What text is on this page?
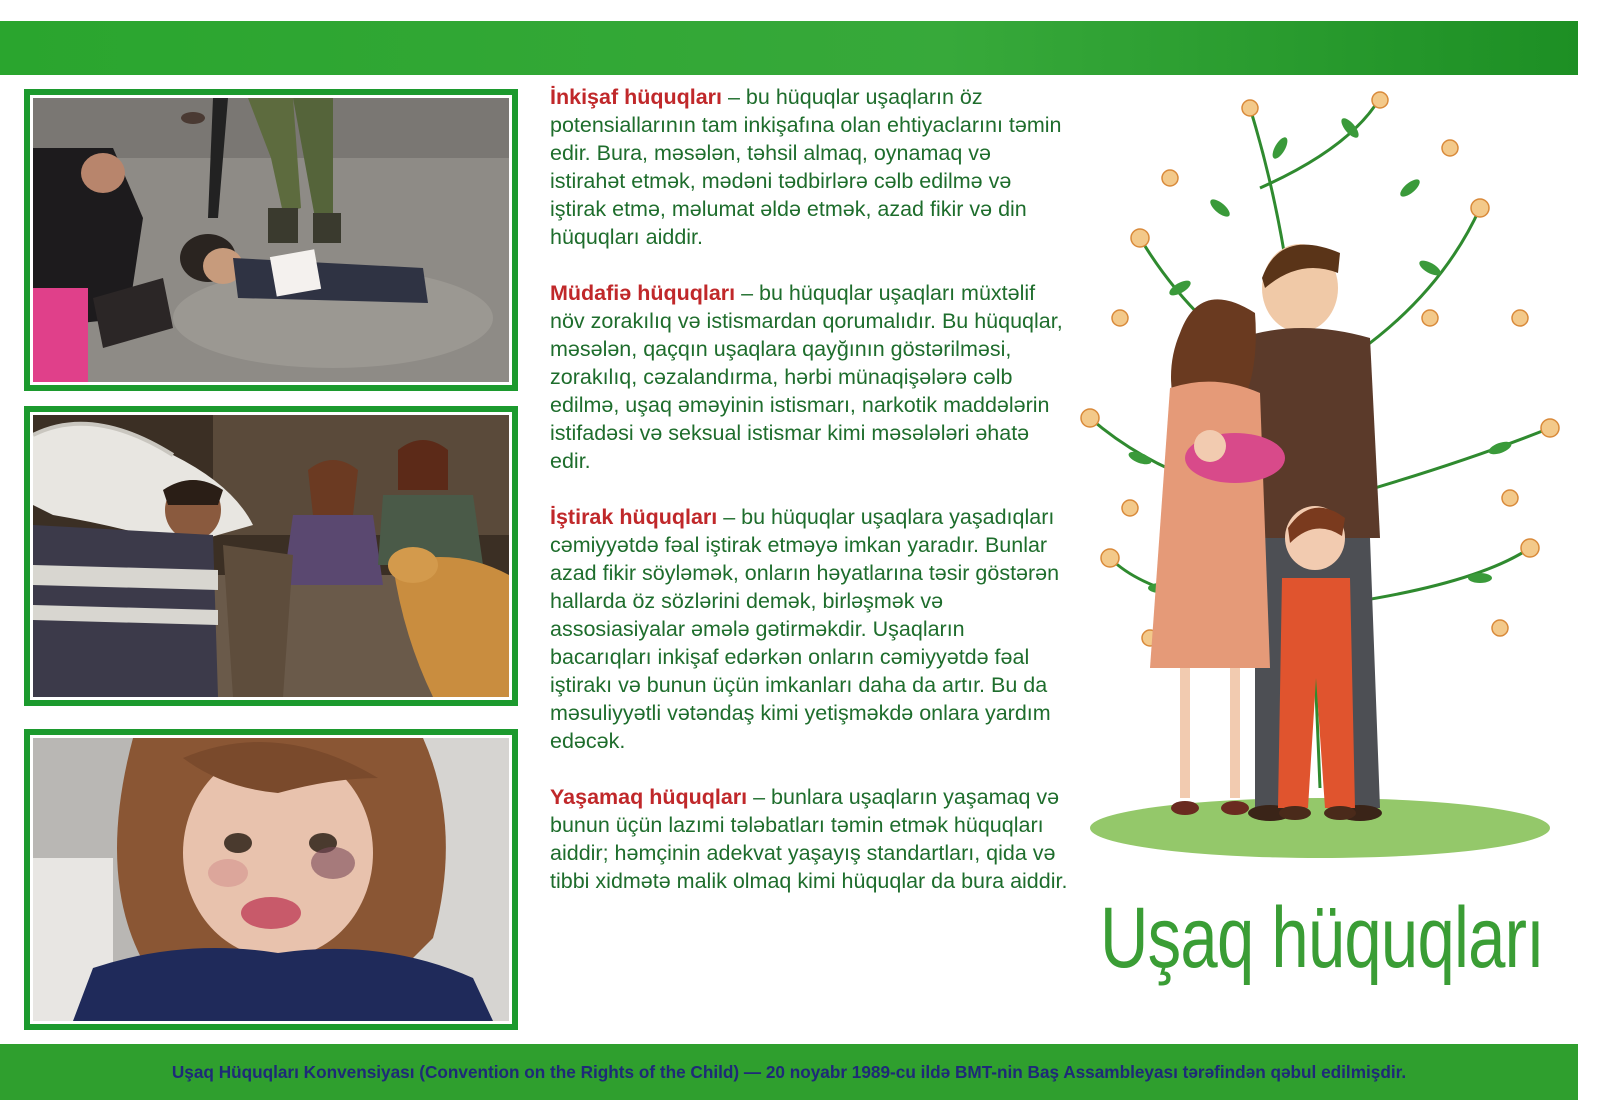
İnkişaf hüquqları – bu hüquqlar uşaqların öz potensiallarının tam inkişafına olan ehtiyaclarını təmin edir. Bura, məsələn, təhsil almaq, oynamaq və istirahət etmək, mədəni tədbirlərə cəlb edilmə və iştirak etmə, məlumat əldə etmək, azad fikir və din hüquqları aiddir.

Müdafiə hüquqları – bu hüquqlar uşaqları müxtəlif növ zorakılıq və istismardan qorumalıdır. Bu hüquqlar, məsələn, qaçqın uşaqlara qayğının göstərilməsi, zorakılıq, cəzalandırma, hərbi münaqişələrə cəlb edilmə, uşaq əməyinin istismarı, narkotik maddələrin istifadəsi və seksual istismar kimi məsələləri əhatə edir.

İştirak hüquqları – bu hüquqlar uşaqlara yaşadıqları cəmiyyətdə fəal iştirak etməyə imkan yaradır. Bunlar azad fikir söyləmək, onların həyatlarına təsir göstərən hallarda öz sözlərini demək, birləşmək və assosiasiyalar əmələ gətirməkdir. Uşaqların bacarıqları inkişaf edərkən onların cəmiyyətdə fəal iştirakı və bunun üçün imkanları daha da artır. Bu da məsuliyyətli vətəndaş kimi yetişməkdə onlara yardım edəcək.

Yaşamaq hüquqları – bunlara uşaqların yaşamaq və bunun üçün lazımi tələbatları təmin etmək hüquqları aiddir; həmçinin adekvat yaşayış standartları, qida və tibbi xidmətə malik olmaq kimi hüquqlar da bura aiddir.

Uşaq hüquqları
Uşaq Hüquqları Konvensiyası (Convention on the Rights of the Child) — 20 noyabr 1989-cu ildə BMT-nin Baş Assambleyası tərəfindən qəbul edilmişdir.
